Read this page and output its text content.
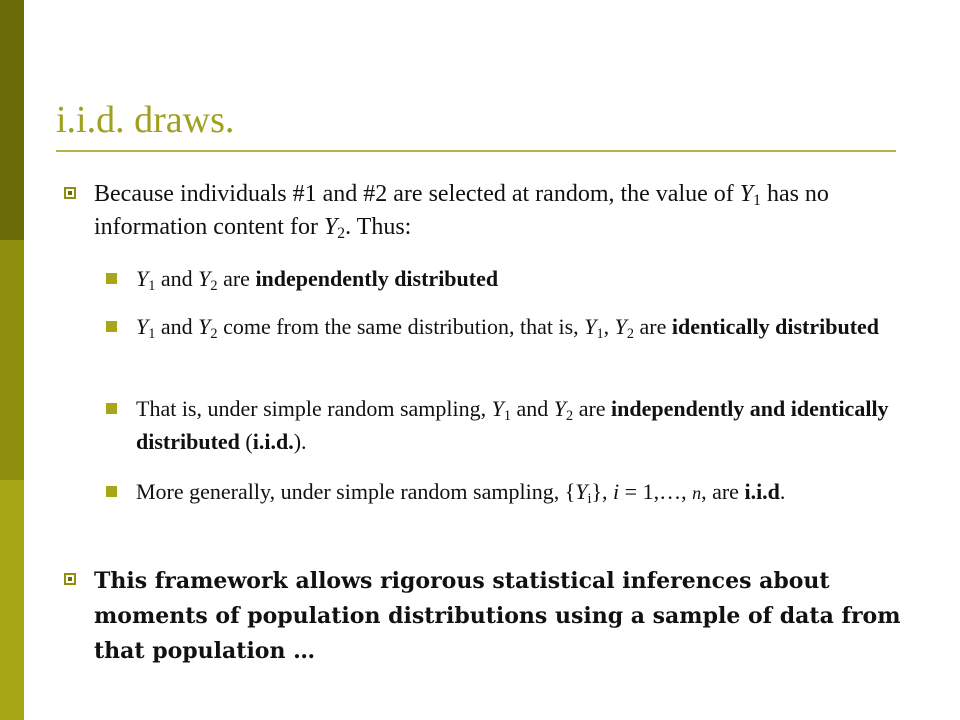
i.i.d. draws.
Because individuals #1 and #2 are selected at random, the value of $Y_1$ has no information content for $Y_2$. Thus:
$Y_1$ and $Y_2$ are independently distributed
$Y_1$ and $Y_2$ come from the same distribution, that is, $Y_1$, $Y_2$ are identically distributed
That is, under simple random sampling, $Y_1$ and $Y_2$ are independently and identically distributed (i.i.d.).
More generally, under simple random sampling, $\{Y_i\}$, i = 1,…, n, are i.i.d.
This framework allows rigorous statistical inferences about moments of population distributions using a sample of data from that population …
